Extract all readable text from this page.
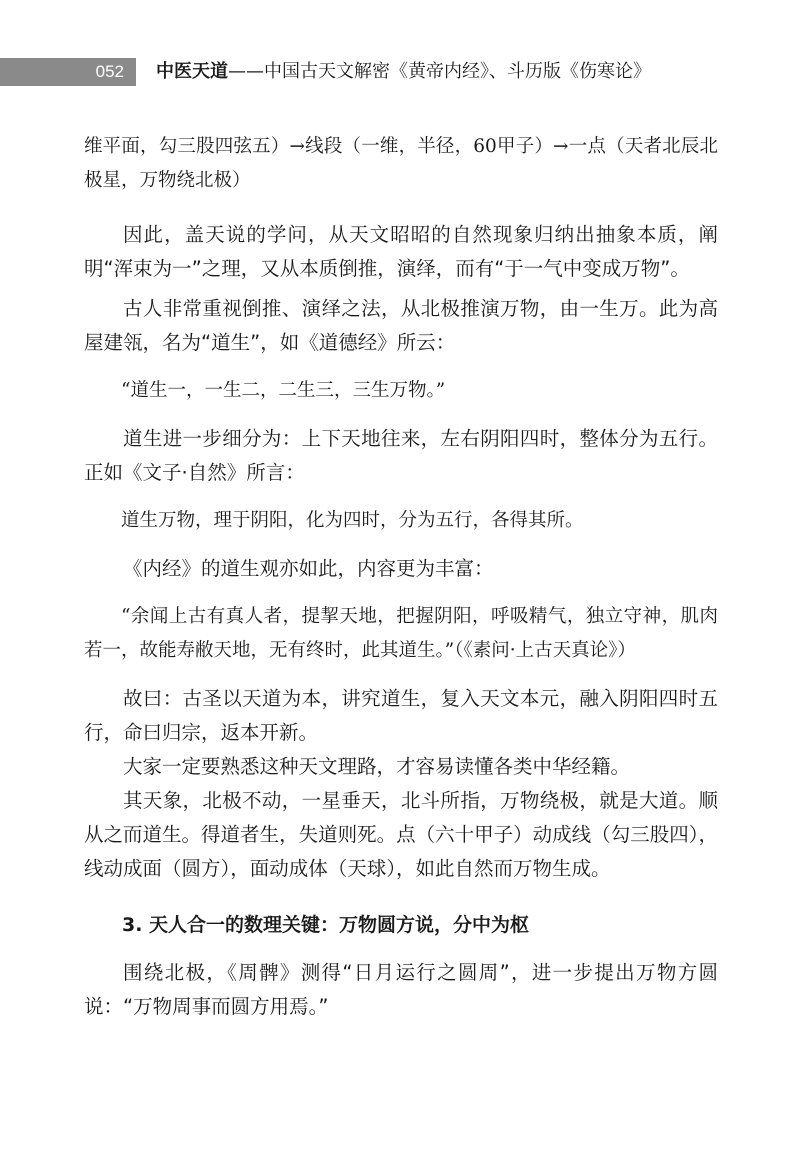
052	中医天道——中国古天文解密《黄帝内经》、斗历版《伤寒论》

维平面，勾三股四弦五）→线段（一维，半径，60甲子）→一点（天者北辰北极星，万物绕北极）

因此，盖天说的学问，从天文昭昭的自然现象归纳出抽象本质，阐明“浑束为一”之理，又从本质倒推，演绎，而有“于一气中变成万物”。

古人非常重视倒推、演绎之法，从北极推演万物，由一生万。此为高屋建瓴，名为“道生”，如《道德经》所云：

“道生一，一生二，二生三，三生万物。”

道生进一步细分为：上下天地往来，左右阴阳四时，整体分为五行。正如《文子·自然》所言：

道生万物，理于阴阳，化为四时，分为五行，各得其所。

《内经》的道生观亦如此，内容更为丰富：

“余闻上古有真人者，提挈天地，把握阴阳，呼吸精气，独立守神，肌肉若一，故能寿敝天地，无有终时，此其道生。”（《素问·上古天真论》）

故曰：古圣以天道为本，讲究道生，复入天文本元，融入阴阳四时五行，命曰归宗，返本开新。

大家一定要熟悉这种天文理路，才容易读懂各类中华经籍。

其天象，北极不动，一星垂天，北斗所指，万物绕极，就是大道。顺从之而道生。得道者生，失道则死。点（六十甲子）动成线（勾三股四），线动成面（圆方），面动成体（天球），如此自然而万物生成。

3. 天人合一的数理关键：万物圆方说，分中为枢

围绕北极，《周髀》测得“日月运行之圆周”，进一步提出万物方圆说：“万物周事而圆方用焉。”
